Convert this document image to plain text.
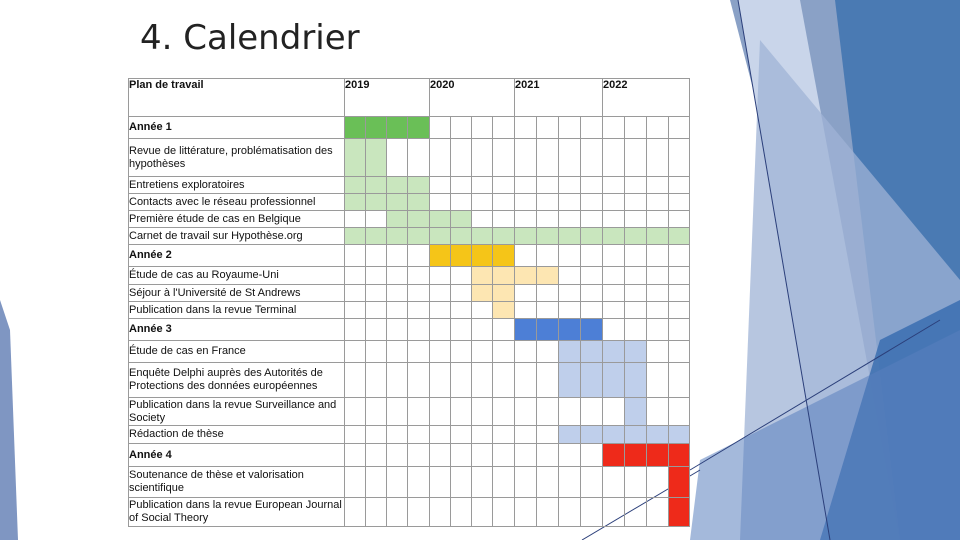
4. Calendrier
Plan de travail	2019				2020				2021				2022			
Année 1																
Revue de littérature, problématisation des hypothèses																
Entretiens exploratoires																
Contacts avec le réseau professionnel																
Première étude de cas en Belgique																
Carnet de travail sur Hypothèse.org																
Année 2																
Étude de cas au Royaume-Uni																
Séjour à l'Université de St Andrews																
Publication dans la revue Terminal																
Année 3																
Étude de cas en France																
Enquête Delphi auprès des Autorités de Protections des données européennes																
Publication dans la revue Surveillance and Society																
Rédaction de thèse																
Année 4																
Soutenance de thèse et valorisation scientifique																
Publication dans la revue European Journal of Social Theory																
